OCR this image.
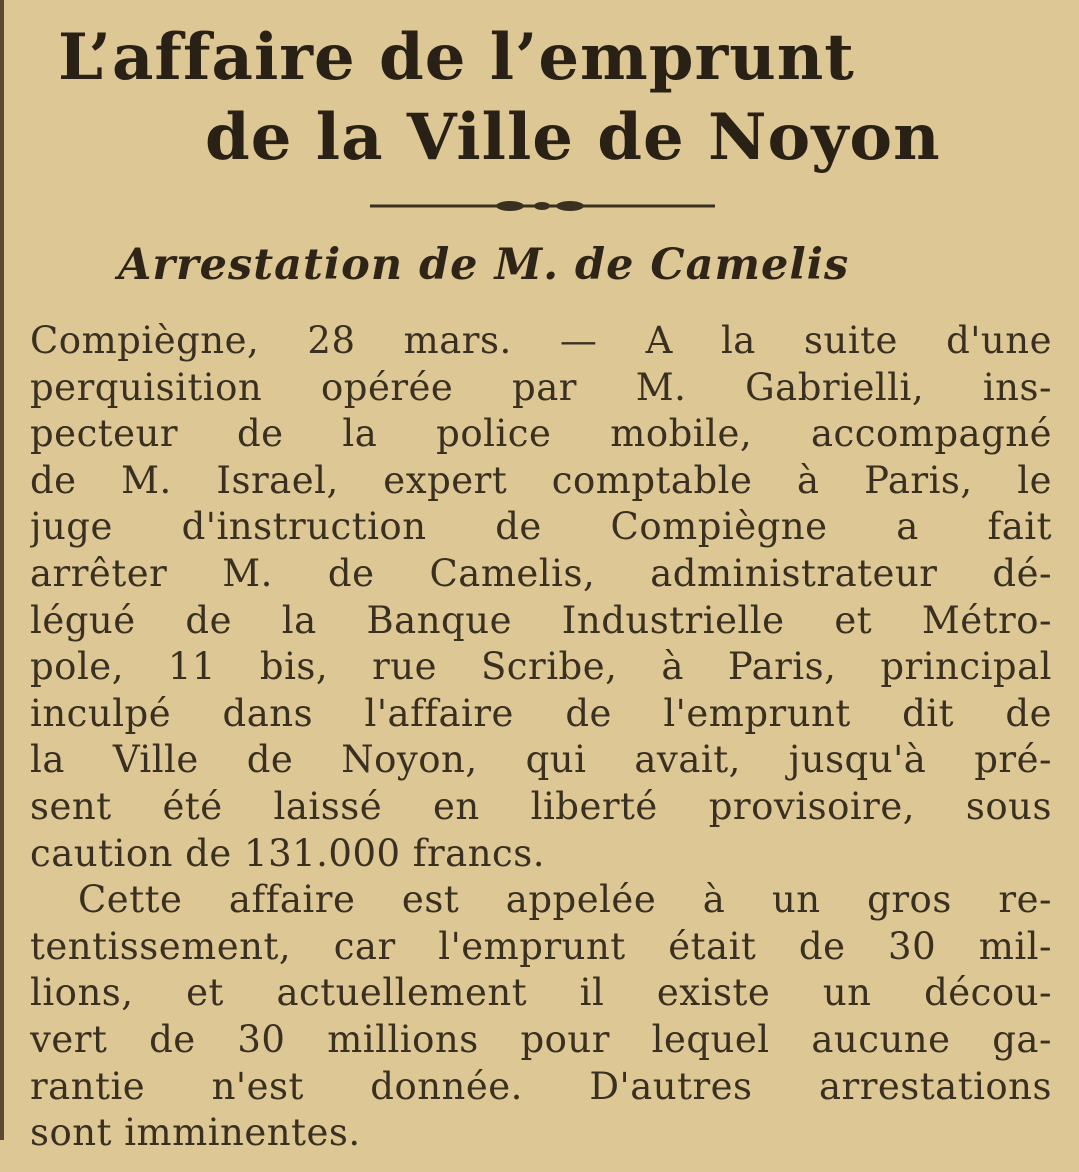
L’affaire de l’emprunt
de la Ville de Noyon
Arrestation de M. de Camelis
Compiègne, 28 mars. — A la suite d'une
perquisition opérée par M. Gabrielli, ins-
pecteur de la police mobile, accompagné
de M. Israel, expert comptable à Paris, le
juge d'instruction de Compiègne a fait
arrêter M. de Camelis, administrateur dé-
légué de la Banque Industrielle et Métro-
pole, 11 bis, rue Scribe, à Paris, principal
inculpé dans l'affaire de l'emprunt dit de
la Ville de Noyon, qui avait, jusqu'à pré-
sent été laissé en liberté provisoire, sous
caution de 131.000 francs.
Cette affaire est appelée à un gros re-
tentissement, car l'emprunt était de 30 mil-
lions, et actuellement il existe un décou-
vert de 30 millions pour lequel aucune ga-
rantie n'est donnée. D'autres arrestations
sont imminentes.
